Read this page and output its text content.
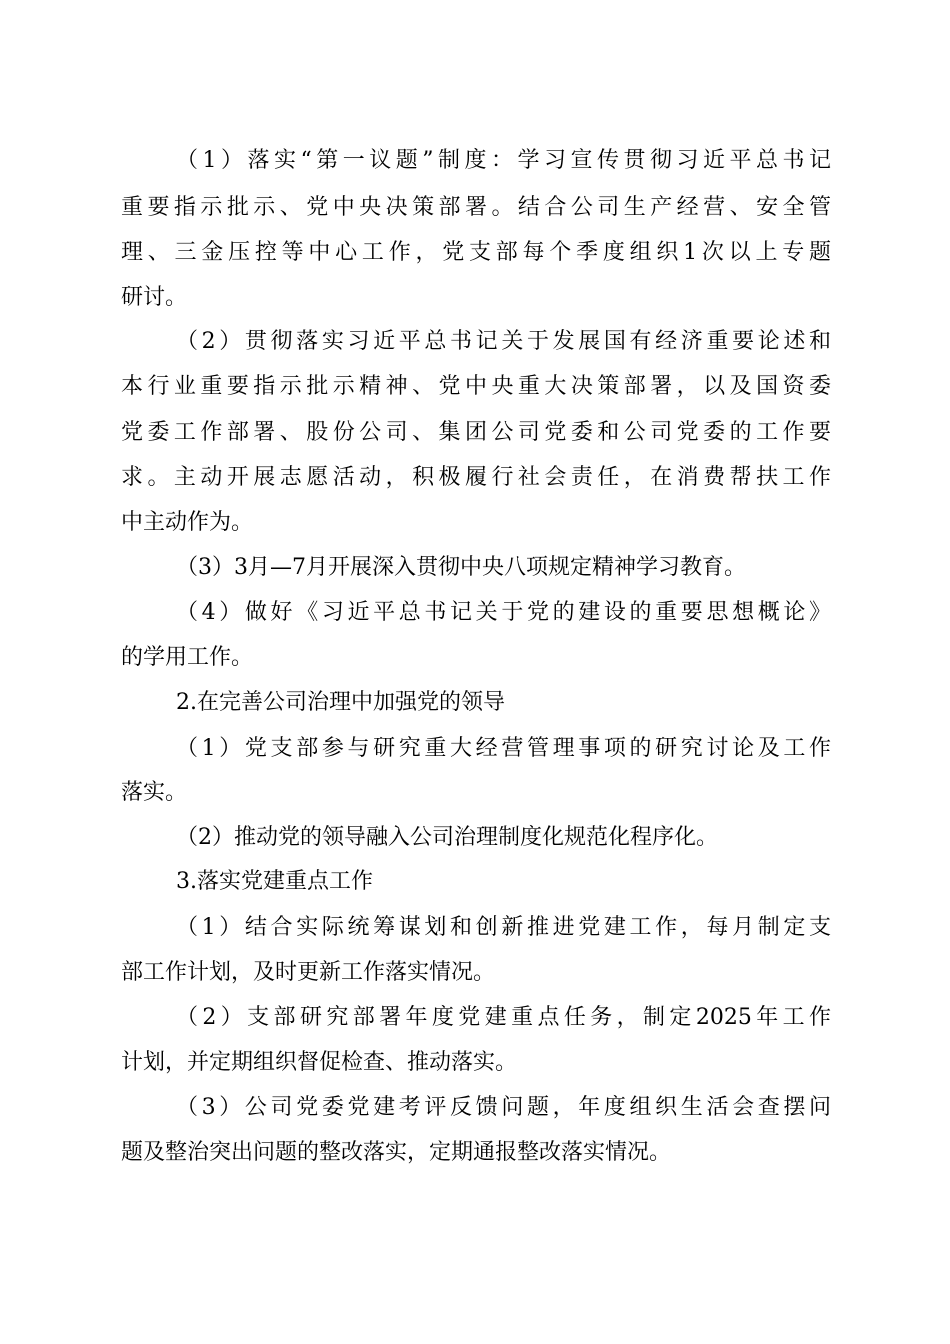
（1）落实“第一议题”制度：学习宣传贯彻习近平总书记
重要指示批示、党中央决策部署。结合公司生产经营、安全管
理、三金压控等中心工作，党支部每个季度组织1次以上专题
研讨。
（2）贯彻落实习近平总书记关于发展国有经济重要论述和
本行业重要指示批示精神、党中央重大决策部署，以及国资委
党委工作部署、股份公司、集团公司党委和公司党委的工作要
求。主动开展志愿活动，积极履行社会责任，在消费帮扶工作
中主动作为。
（3）3月—7月开展深入贯彻中央八项规定精神学习教育。
（4）做好《习近平总书记关于党的建设的重要思想概论》
的学用工作。
2.在完善公司治理中加强党的领导
（1）党支部参与研究重大经营管理事项的研究讨论及工作
落实。
（2）推动党的领导融入公司治理制度化规范化程序化。
3.落实党建重点工作
（1）结合实际统筹谋划和创新推进党建工作，每月制定支
部工作计划，及时更新工作落实情况。
（2）支部研究部署年度党建重点任务，制定2025年工作
计划，并定期组织督促检查、推动落实。
（3）公司党委党建考评反馈问题，年度组织生活会查摆问
题及整治突出问题的整改落实，定期通报整改落实情况。
